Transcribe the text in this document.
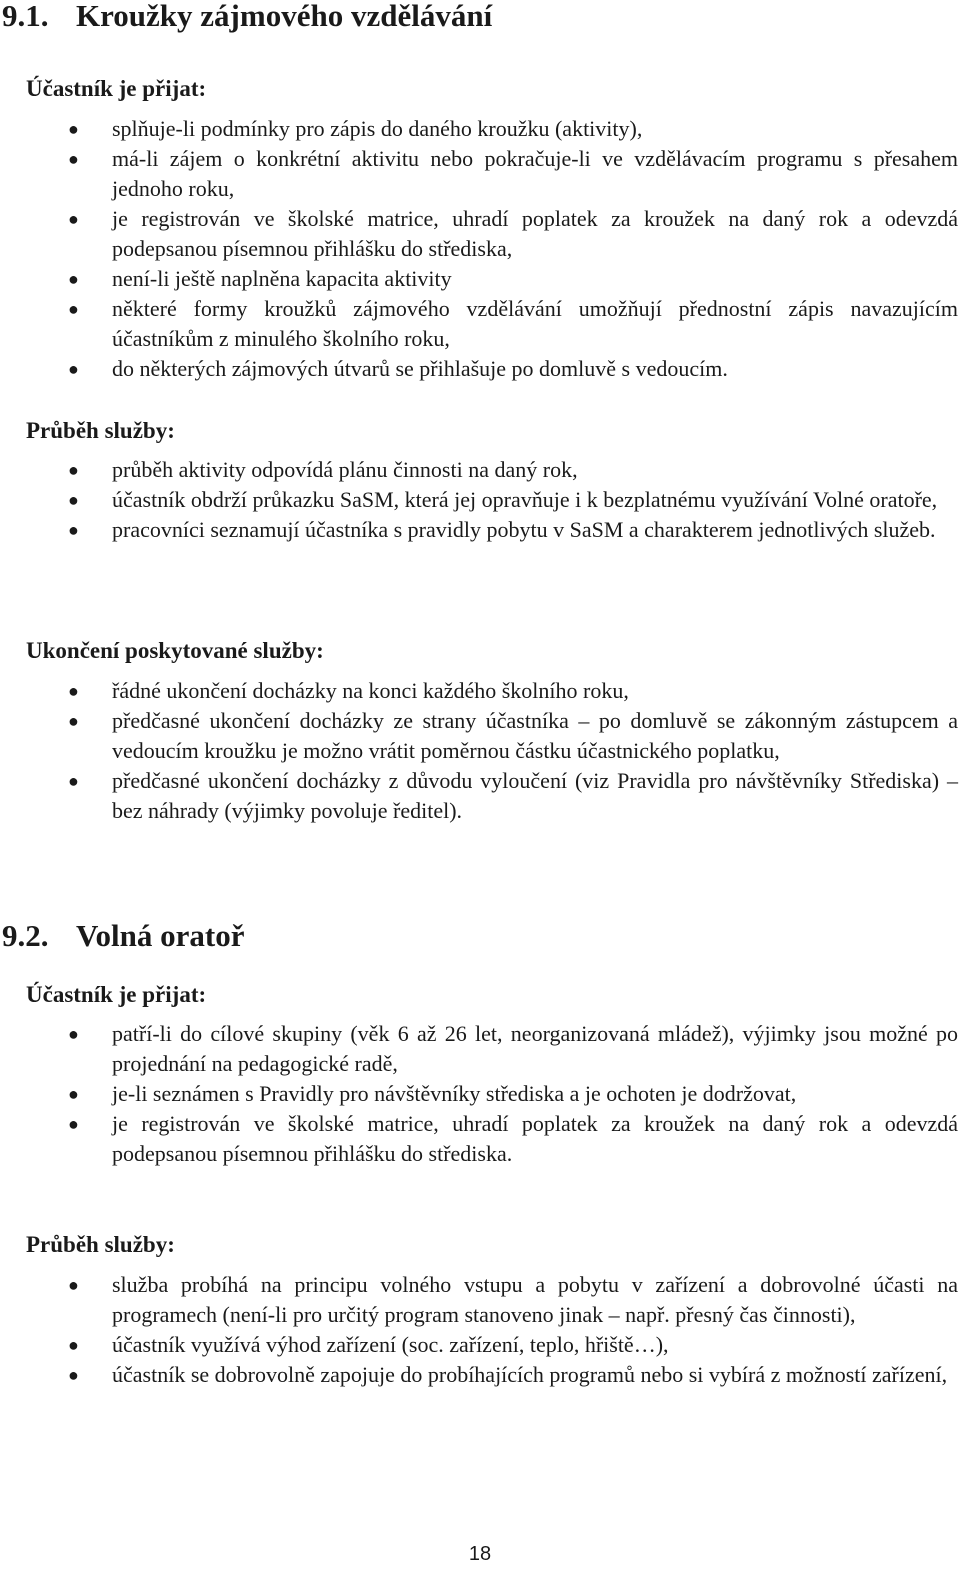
9.1. Kroužky zájmového vzdělávání
Účastník je přijat:
● splňuje-li podmínky pro zápis do daného kroužku (aktivity),
● má-li zájem o konkrétní aktivitu nebo pokračuje-li ve vzdělávacím programu s přesahem jednoho roku,
● je registrován ve školské matrice, uhradí poplatek za kroužek na daný rok a odevzdá podepsanou písemnou přihlášku do střediska,
● není-li ještě naplněna kapacita aktivity
● některé formy kroužků zájmového vzdělávání umožňují přednostní zápis navazujícím účastníkům z minulého školního roku,
● do některých zájmových útvarů se přihlašuje po domluvě s vedoucím.
Průběh služby:
● průběh aktivity odpovídá plánu činnosti na daný rok,
● účastník obdrží průkazku SaSM, která jej opravňuje i k bezplatnému využívání Volné oratoře,
● pracovníci seznamují účastníka s pravidly pobytu v SaSM a charakterem jednotlivých služeb.
Ukončení poskytované služby:
● řádné ukončení docházky na konci každého školního roku,
● předčasné ukončení docházky ze strany účastníka – po domluvě se zákonným zástupcem a vedoucím kroužku je možno vrátit poměrnou částku účastnického poplatku,
● předčasné ukončení docházky z důvodu vyloučení (viz Pravidla pro návštěvníky Střediska) – bez náhrady (výjimky povoluje ředitel).
9.2. Volná oratoř
Účastník je přijat:
● patří-li do cílové skupiny (věk 6 až 26 let, neorganizovaná mládež), výjimky jsou možné po projednání na pedagogické radě,
● je-li seznámen s Pravidly pro návštěvníky střediska a je ochoten je dodržovat,
● je registrován ve školské matrice, uhradí poplatek za kroužek na daný rok a odevzdá podepsanou písemnou přihlášku do střediska.
Průběh služby:
● služba probíhá na principu volného vstupu a pobytu v zařízení a dobrovolné účasti na programech (není-li pro určitý program stanoveno jinak – např. přesný čas činnosti),
● účastník využívá výhod zařízení (soc. zařízení, teplo, hřiště…),
● účastník se dobrovolně zapojuje do probíhajících programů nebo si vybírá z možností zařízení,
18
